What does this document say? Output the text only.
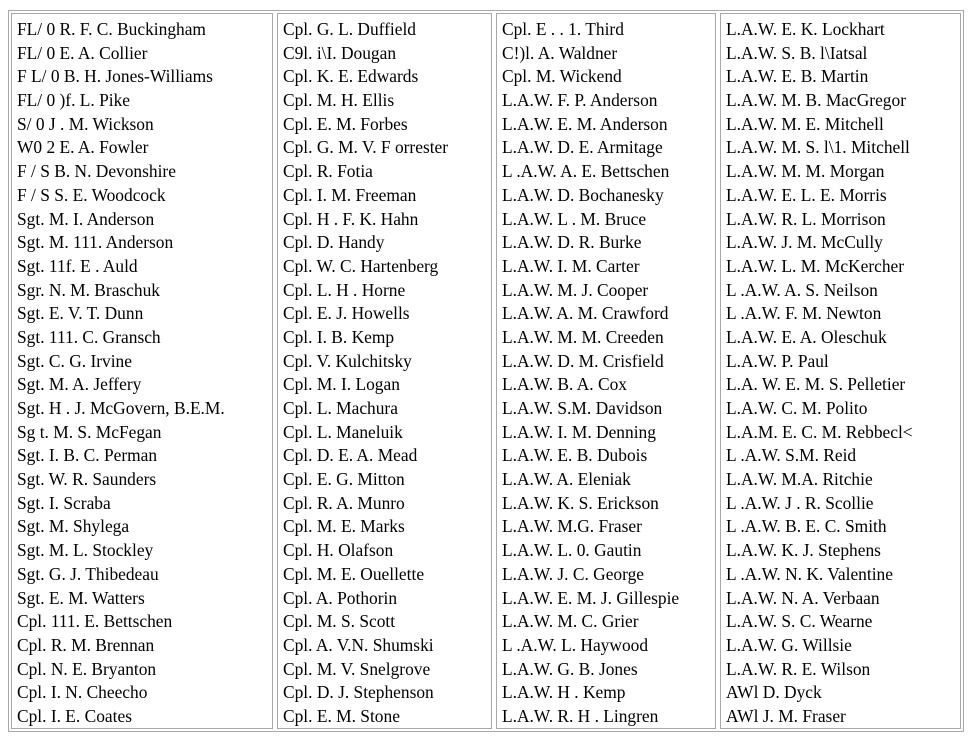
FL/ 0 R. F. C. Buckingham
FL/ 0 E. A. Collier
F L/ 0 B. H. Jones-Williams
FL/ 0 )f. L. Pike
S/ 0 J . M. Wickson
W0 2 E. A. Fowler
F / S B. N. Devonshire
F / S S. E. Woodcock
Sgt. M. I. Anderson
Sgt. M. 111. Anderson
Sgt. 11f. E . Auld
Sgr. N. M. Braschuk
Sgt. E. V. T. Dunn
Sgt. 111. C. Gransch
Sgt. C. G. Irvine
Sgt. M. A. Jeffery
Sgt. H . J. McGovern, B.E.M.
Sg t. M. S. McFegan
Sgt. I. B. C. Perman
Sgt. W. R. Saunders
Sgt. I. Scraba
Sgt. M. Shylega
Sgt. M. L. Stockley
Sgt. G. J. Thibedeau
Sgt. E. M. Watters
Cpl. 111. E. Bettschen
Cpl. R. M. Brennan
Cpl. N. E. Bryanton
Cpl. I. N. Cheecho
Cpl. I. E. Coates
Cpl. G. L. Duffield
C9l. i\I. Dougan
Cpl. K. E. Edwards
Cpl. M. H. Ellis
Cpl. E. M. Forbes
Cpl. G. M. V. F orrester
Cpl. R. Fotia
Cpl. I. M. Freeman
Cpl. H . F. K. Hahn
Cpl. D. Handy
Cpl. W. C. Hartenberg
Cpl. L. H . Horne
Cpl. E. J. Howells
Cpl. I. B. Kemp
Cpl. V. Kulchitsky
Cpl. M. I. Logan
Cpl. L. Machura
Cpl. L. Maneluik
Cpl. D. E. A. Mead
Cpl. E. G. Mitton
Cpl. R. A. Munro
Cpl. M. E. Marks
Cpl. H. Olafson
Cpl. M. E. Ouellette
Cpl. A. Pothorin
Cpl. M. S. Scott
Cpl. A. V.N. Shumski
Cpl. M. V. Snelgrove
Cpl. D. J. Stephenson
Cpl. E. M. Stone
Cpl. E . . 1. Third
C!)l. A. Waldner
Cpl. M. Wickend
L.A.W. F. P. Anderson
L.A.W. E. M. Anderson
L.A.W. D. E. Armitage
L .A.W. A. E. Bettschen
L.A.W. D. Bochanesky
L.A.W. L . M. Bruce
L.A.W. D. R. Burke
L.A.W. I. M. Carter
L.A.W. M. J. Cooper
L.A.W. A. M. Crawford
L.A.W. M. M. Creeden
L.A.W. D. M. Crisfield
L.A.W. B. A. Cox
L.A.W. S.M. Davidson
L.A.W. I. M. Denning
L.A.W. E. B. Dubois
L.A.W. A. Eleniak
L.A.W. K. S. Erickson
L.A.W. M.G. Fraser
L.A.W. L. 0. Gautin
L.A.W. J. C. George
L.A.W. E. M. J. Gillespie
L.A.W. M. C. Grier
L .A.W. L. Haywood
L.A.W. G. B. Jones
L.A.W. H . Kemp
L.A.W. R. H . Lingren
L.A.W. E. K. Lockhart
L.A.W. S. B. l\Iatsal
L.A.W. E. B. Martin
L.A.W. M. B. MacGregor
L.A.W. M. E. Mitchell
L.A.W. M. S. l\1. Mitchell
L.A.W. M. M. Morgan
L.A.W. E. L. E. Morris
L.A.W. R. L. Morrison
L.A.W. J. M. McCully
L.A.W. L. M. McKercher
L .A.W. A. S. Neilson
L .A.W. F. M. Newton
L.A.W. E. A. Oleschuk
L.A.W. P. Paul
L.A. W. E. M. S. Pelletier
L.A.W. C. M. Polito
L.A.M. E. C. M. Rebbecl<
L .A.W. S.M. Reid
L.A.W. M.A. Ritchie
L .A.W. J . R. Scollie
L .A.W. B. E. C. Smith
L.A.W. K. J. Stephens
L .A.W. N. K. Valentine
L.A.W. N. A. Verbaan
L.A.W. S. C. Wearne
L.A.W. G. Willsie
L.A.W. R. E. Wilson
AWl D. Dyck
AWl J. M. Fraser
